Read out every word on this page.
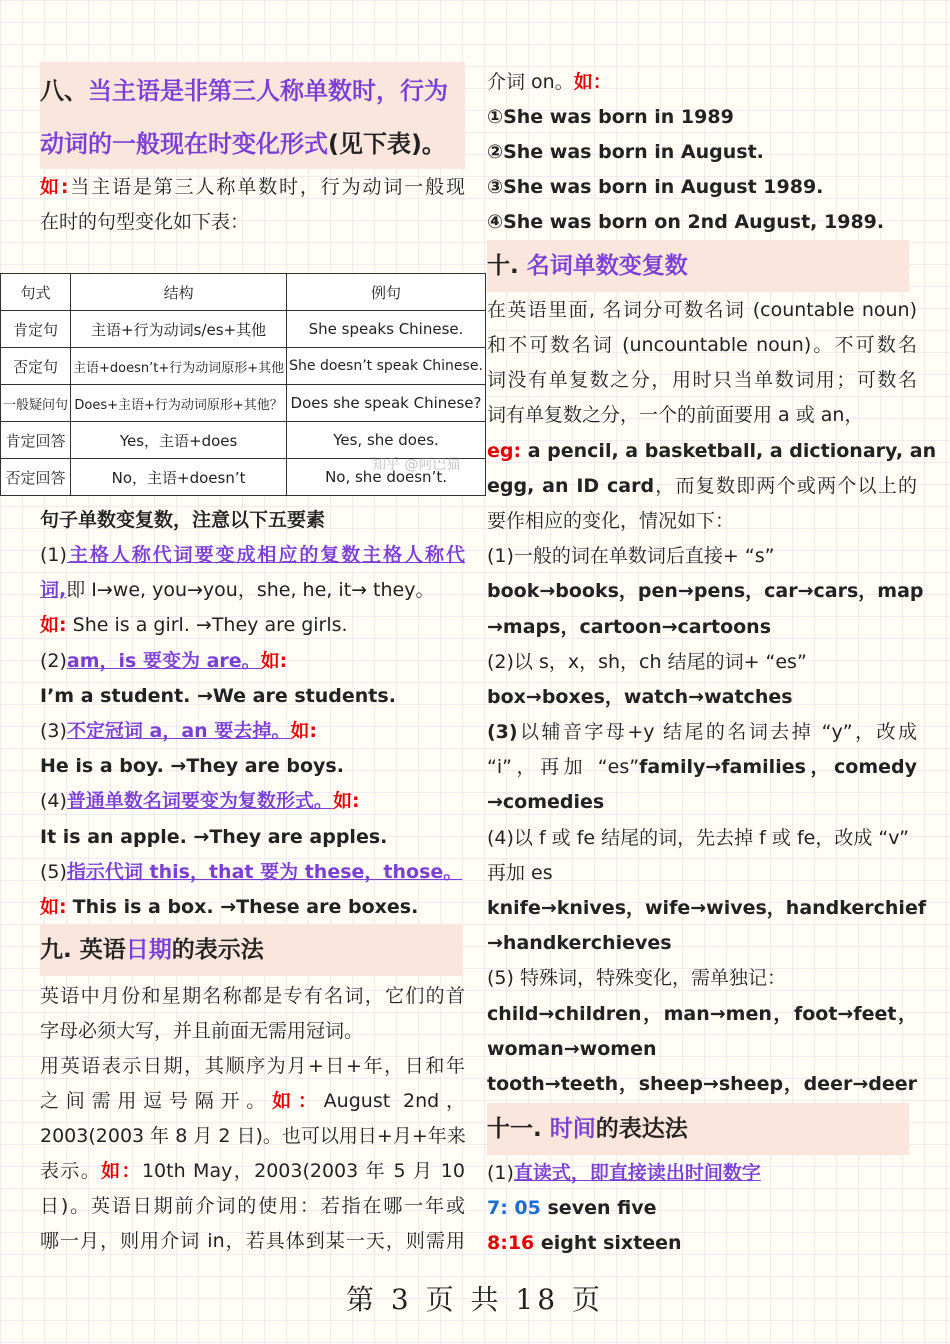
八、当主语是非第三人称单数时，行为
动词的一般现在时变化形式(见下表)。
如:当主语是第三人称单数时，行为动词一般现
在时的句型变化如下表：
句式	结构	例句
肯定句	主语+行为动词s/es+其他	She speaks Chinese.
否定句	主语+doesn’t+行为动词原形+其他	She doesn’t speak Chinese.
一般疑问句	Does+主语+行为动词原形+其他？	Does she speak Chinese?
肯定回答	Yes，主语+does	Yes, she does.
否定回答	No，主语+doesn’t	No, she doesn’t.
知乎 @阿巴猫
句子单数变复数，注意以下五要素
(1)主格人称代词要变成相应的复数主格人称代
词,即 I→we, you→you，she, he, it→ they。
如: She is a girl. →They are girls.
(2)am，is 要变为 are。如:
I’m a student. →We are students.
(3)不定冠词 a，an 要去掉。如:
He is a boy. →They are boys.
(4)普通单数名词要变为复数形式。如:
It is an apple. →They are apples.
(5)指示代词 this，that 要为 these，those。
如: This is a box. →These are boxes.
九. 英语日期的表示法
英语中月份和星期名称都是专有名词，它们的首
字母必须大写，并且前面无需用冠词。
用英语表示日期，其顺序为月+日+年，日和年
之间需用逗号隔开。如：August 2nd，
2003(2003 年 8 月 2 日)。也可以用日+月+年来
表示。如：10th May，2003(2003 年 5 月 10
日)。英语日期前介词的使用：若指在哪一年或
哪一月，则用介词 in，若具体到某一天，则需用
介词 on。如：
①She was born in 1989
②She was born in August.
③She was born in August 1989.
④She was born on 2nd August, 1989.
十. 名词单数变复数
在英语里面, 名词分可数名词 (countable noun)
和不可数名词 (uncountable noun)。不可数名
词没有单复数之分，用时只当单数词用；可数名
词有单复数之分，一个的前面要用 a 或 an，
eg: a pencil, a basketball, a dictionary, an
egg, an ID card，而复数即两个或两个以上的
要作相应的变化，情况如下：
(1)一般的词在单数词后直接+ “s”
book→books，pen→pens，car→cars，map
→maps，cartoon→cartoons
(2)以 s，x，sh，ch 结尾的词+ “es”
box→boxes，watch→watches
(3)以辅音字母+y 结尾的名词去掉 “y”，改成
“i”，再加 “es”family→families，comedy
→comedies
(4)以 f 或 fe 结尾的词，先去掉 f 或 fe，改成 “v”
再加 es
knife→knives，wife→wives，handkerchief
→handkerchieves
(5) 特殊词，特殊变化，需单独记：
child→children，man→men，foot→feet，
woman→women
tooth→teeth，sheep→sheep，deer→deer
十一. 时间的表达法
(1)直读式，即直接读出时间数字
7: 05 seven five
8:16 eight sixteen
第 3 页 共 18 页
